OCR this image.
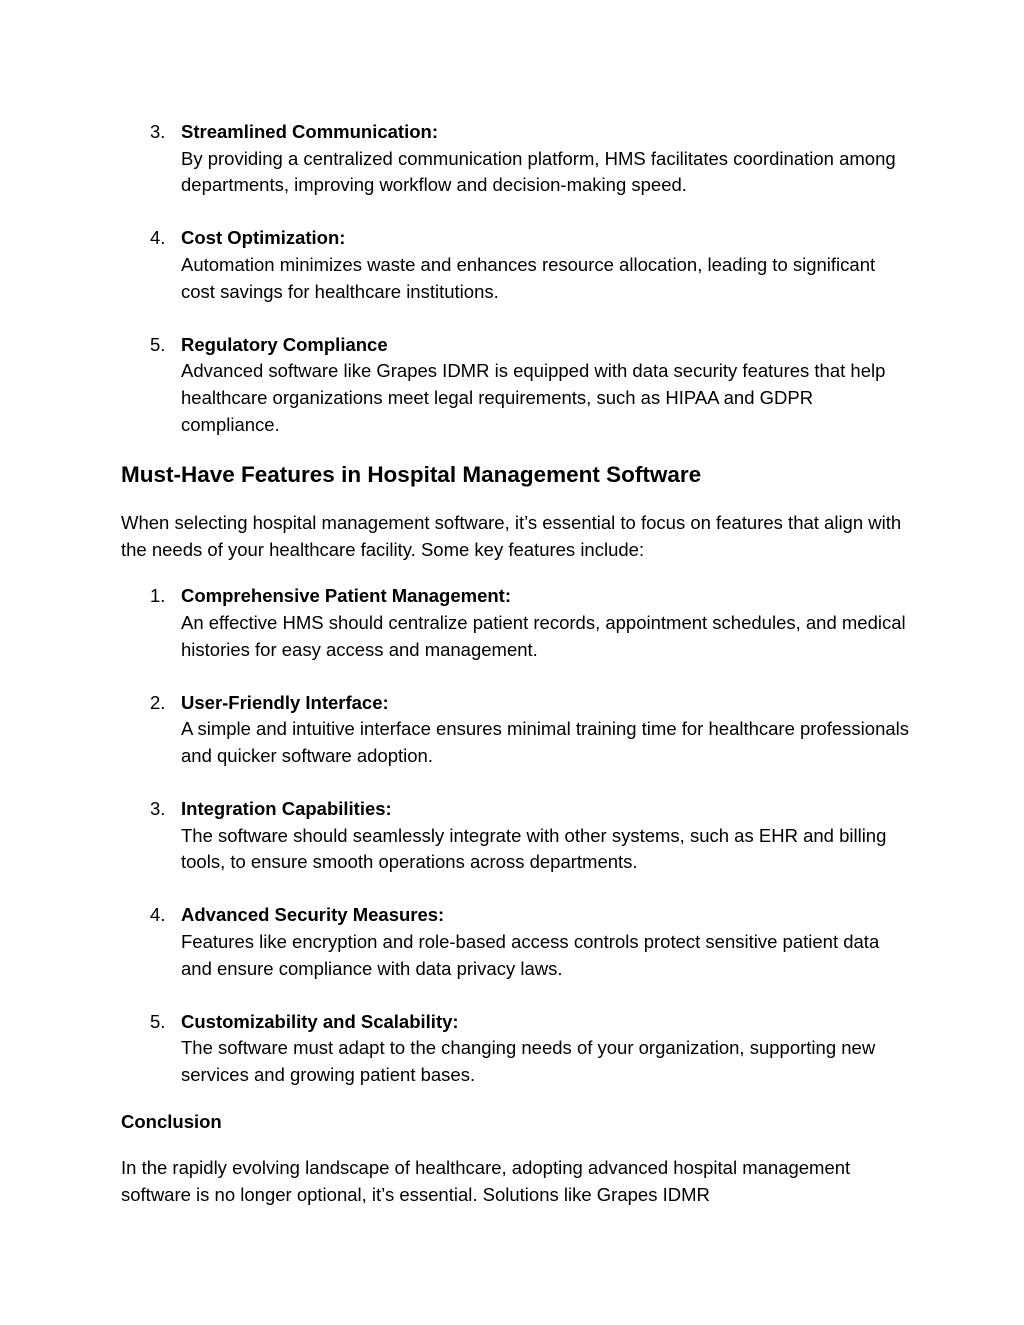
3. Streamlined Communication:
By providing a centralized communication platform, HMS facilitates coordination among departments, improving workflow and decision-making speed.
4. Cost Optimization:
Automation minimizes waste and enhances resource allocation, leading to significant cost savings for healthcare institutions.
5. Regulatory Compliance
Advanced software like Grapes IDMR is equipped with data security features that help healthcare organizations meet legal requirements, such as HIPAA and GDPR compliance.
Must-Have Features in Hospital Management Software

When selecting hospital management software, it’s essential to focus on features that align with the needs of your healthcare facility. Some key features include:

1. Comprehensive Patient Management:
An effective HMS should centralize patient records, appointment schedules, and medical histories for easy access and management.
2. User-Friendly Interface:
A simple and intuitive interface ensures minimal training time for healthcare professionals and quicker software adoption.
3. Integration Capabilities:
The software should seamlessly integrate with other systems, such as EHR and billing tools, to ensure smooth operations across departments.
4. Advanced Security Measures:
Features like encryption and role-based access controls protect sensitive patient data and ensure compliance with data privacy laws.
5. Customizability and Scalability:
The software must adapt to the changing needs of your organization, supporting new services and growing patient bases.
Conclusion

In the rapidly evolving landscape of healthcare, adopting advanced hospital management software is no longer optional, it’s essential. Solutions like Grapes IDMR
